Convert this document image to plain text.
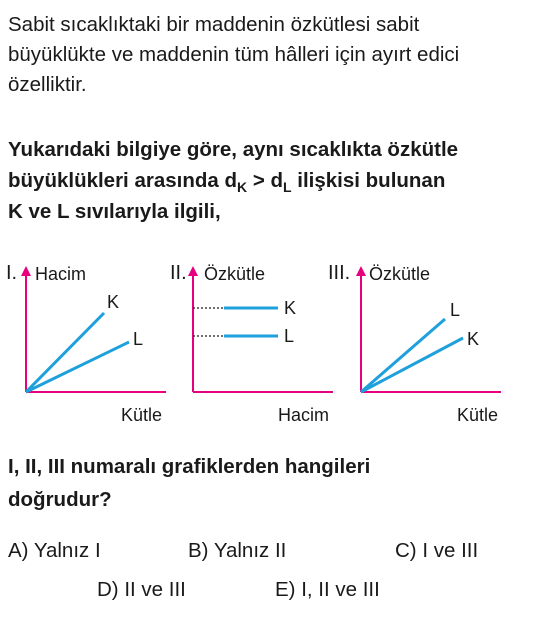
Sabit sıcaklıktaki bir maddenin özkütlesi sabit
büyüklükte ve maddenin tüm hâlleri için ayırt edici
özelliktir.

Yukarıdaki bilgiye göre, aynı sıcaklıkta özkütle
büyüklükleri arasında $d_K > d_L$ ilişkisi bulunan
K ve L sıvılarıyla ilgili,

I. Hacim
K
L
Kütle
II. Özkütle
K
L
Hacim
III. Özkütle
L
K
Kütle

I, II, III numaralı grafiklerden hangileri
doğrudur?

A) Yalnız I	B) Yalnız II	C) I ve III
D) II ve III	E) I, II ve III
